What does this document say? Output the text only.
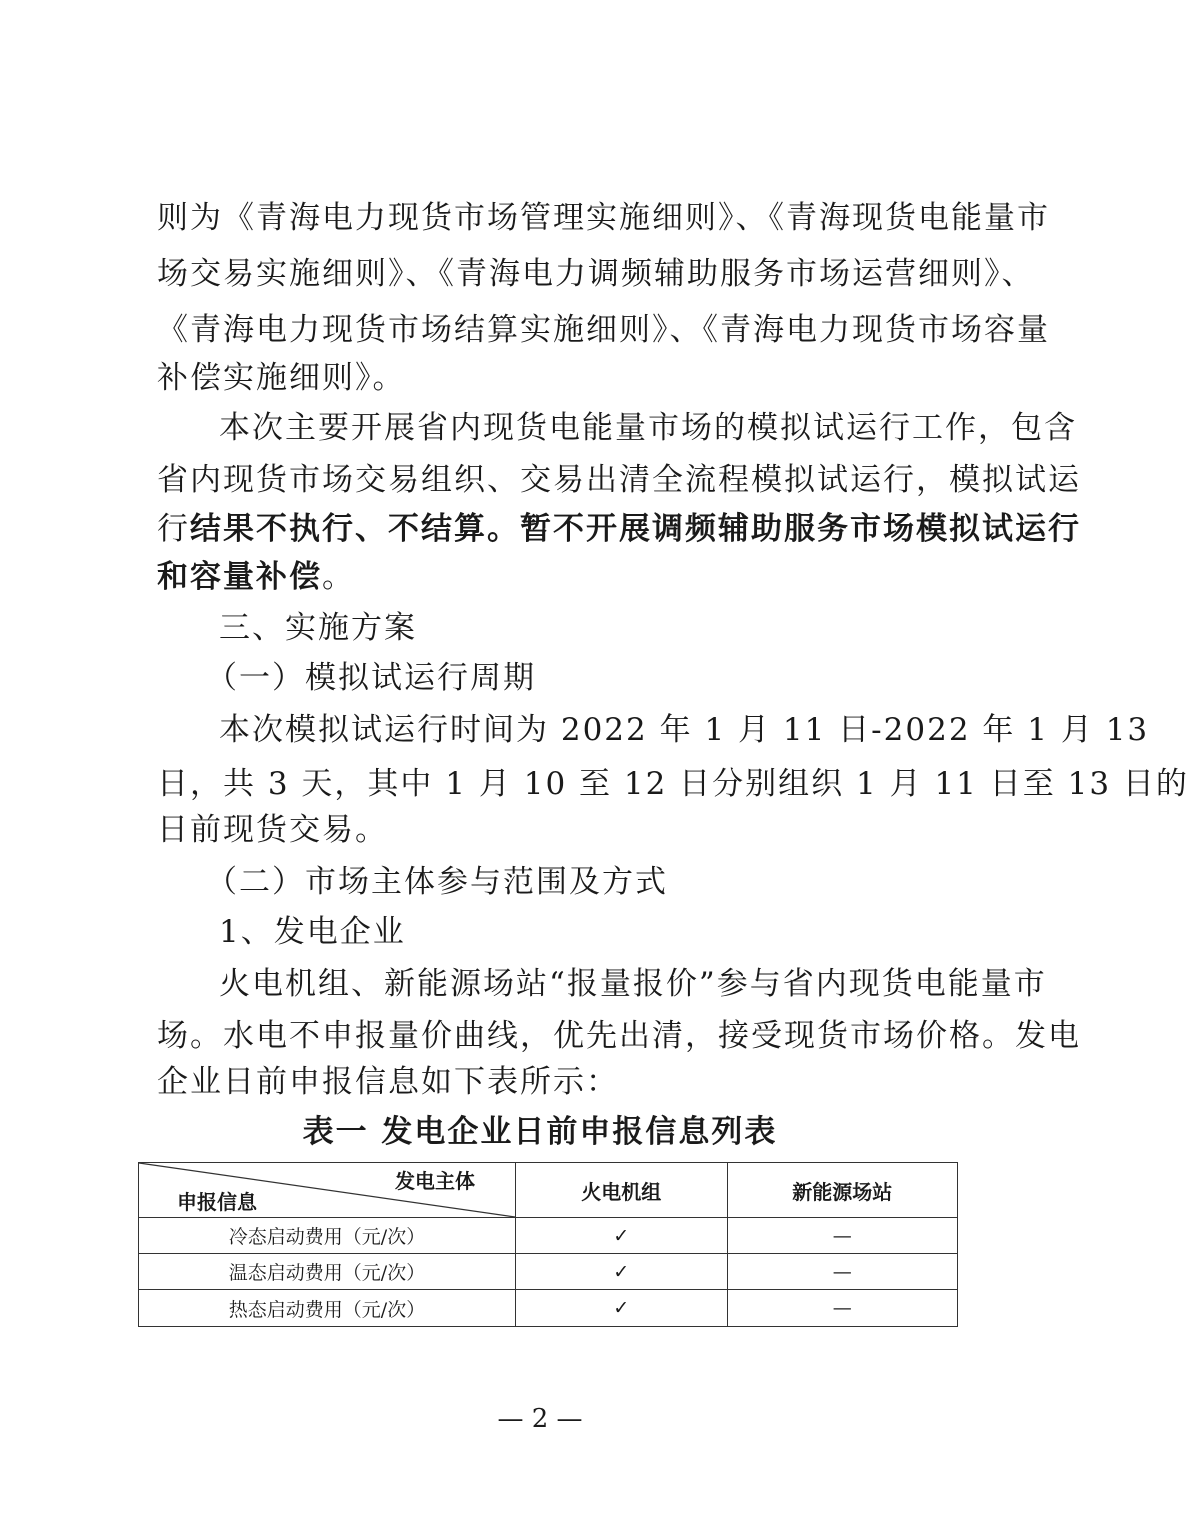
则为《青海电力现货市场管理实施细则》、《青海现货电能量市
场交易实施细则》、《青海电力调频辅助服务市场运营细则》、
《青海电力现货市场结算实施细则》、《青海电力现货市场容量
补偿实施细则》。
本次主要开展省内现货电能量市场的模拟试运行工作，包含
省内现货市场交易组织、交易出清全流程模拟试运行，模拟试运
行结果不执行、不结算。暂不开展调频辅助服务市场模拟试运行
和容量补偿。
三、实施方案
（一）模拟试运行周期
本次模拟试运行时间为 2022 年 1 月 11 日-2022 年 1 月 13
日，共 3 天，其中 1 月 10 至 12 日分别组织 1 月 11 日至 13 日的
日前现货交易。
（二）市场主体参与范围及方式
1、发电企业
火电机组、新能源场站“报量报价”参与省内现货电能量市
场。水电不申报量价曲线，优先出清，接受现货市场价格。发电
企业日前申报信息如下表所示：
表一 发电企业日前申报信息列表
发电主体
申报信息	火电机组	新能源场站
冷态启动费用（元/次）	✓	—
温态启动费用（元/次）	✓	—
热态启动费用（元/次）	✓	—
— 2 —
